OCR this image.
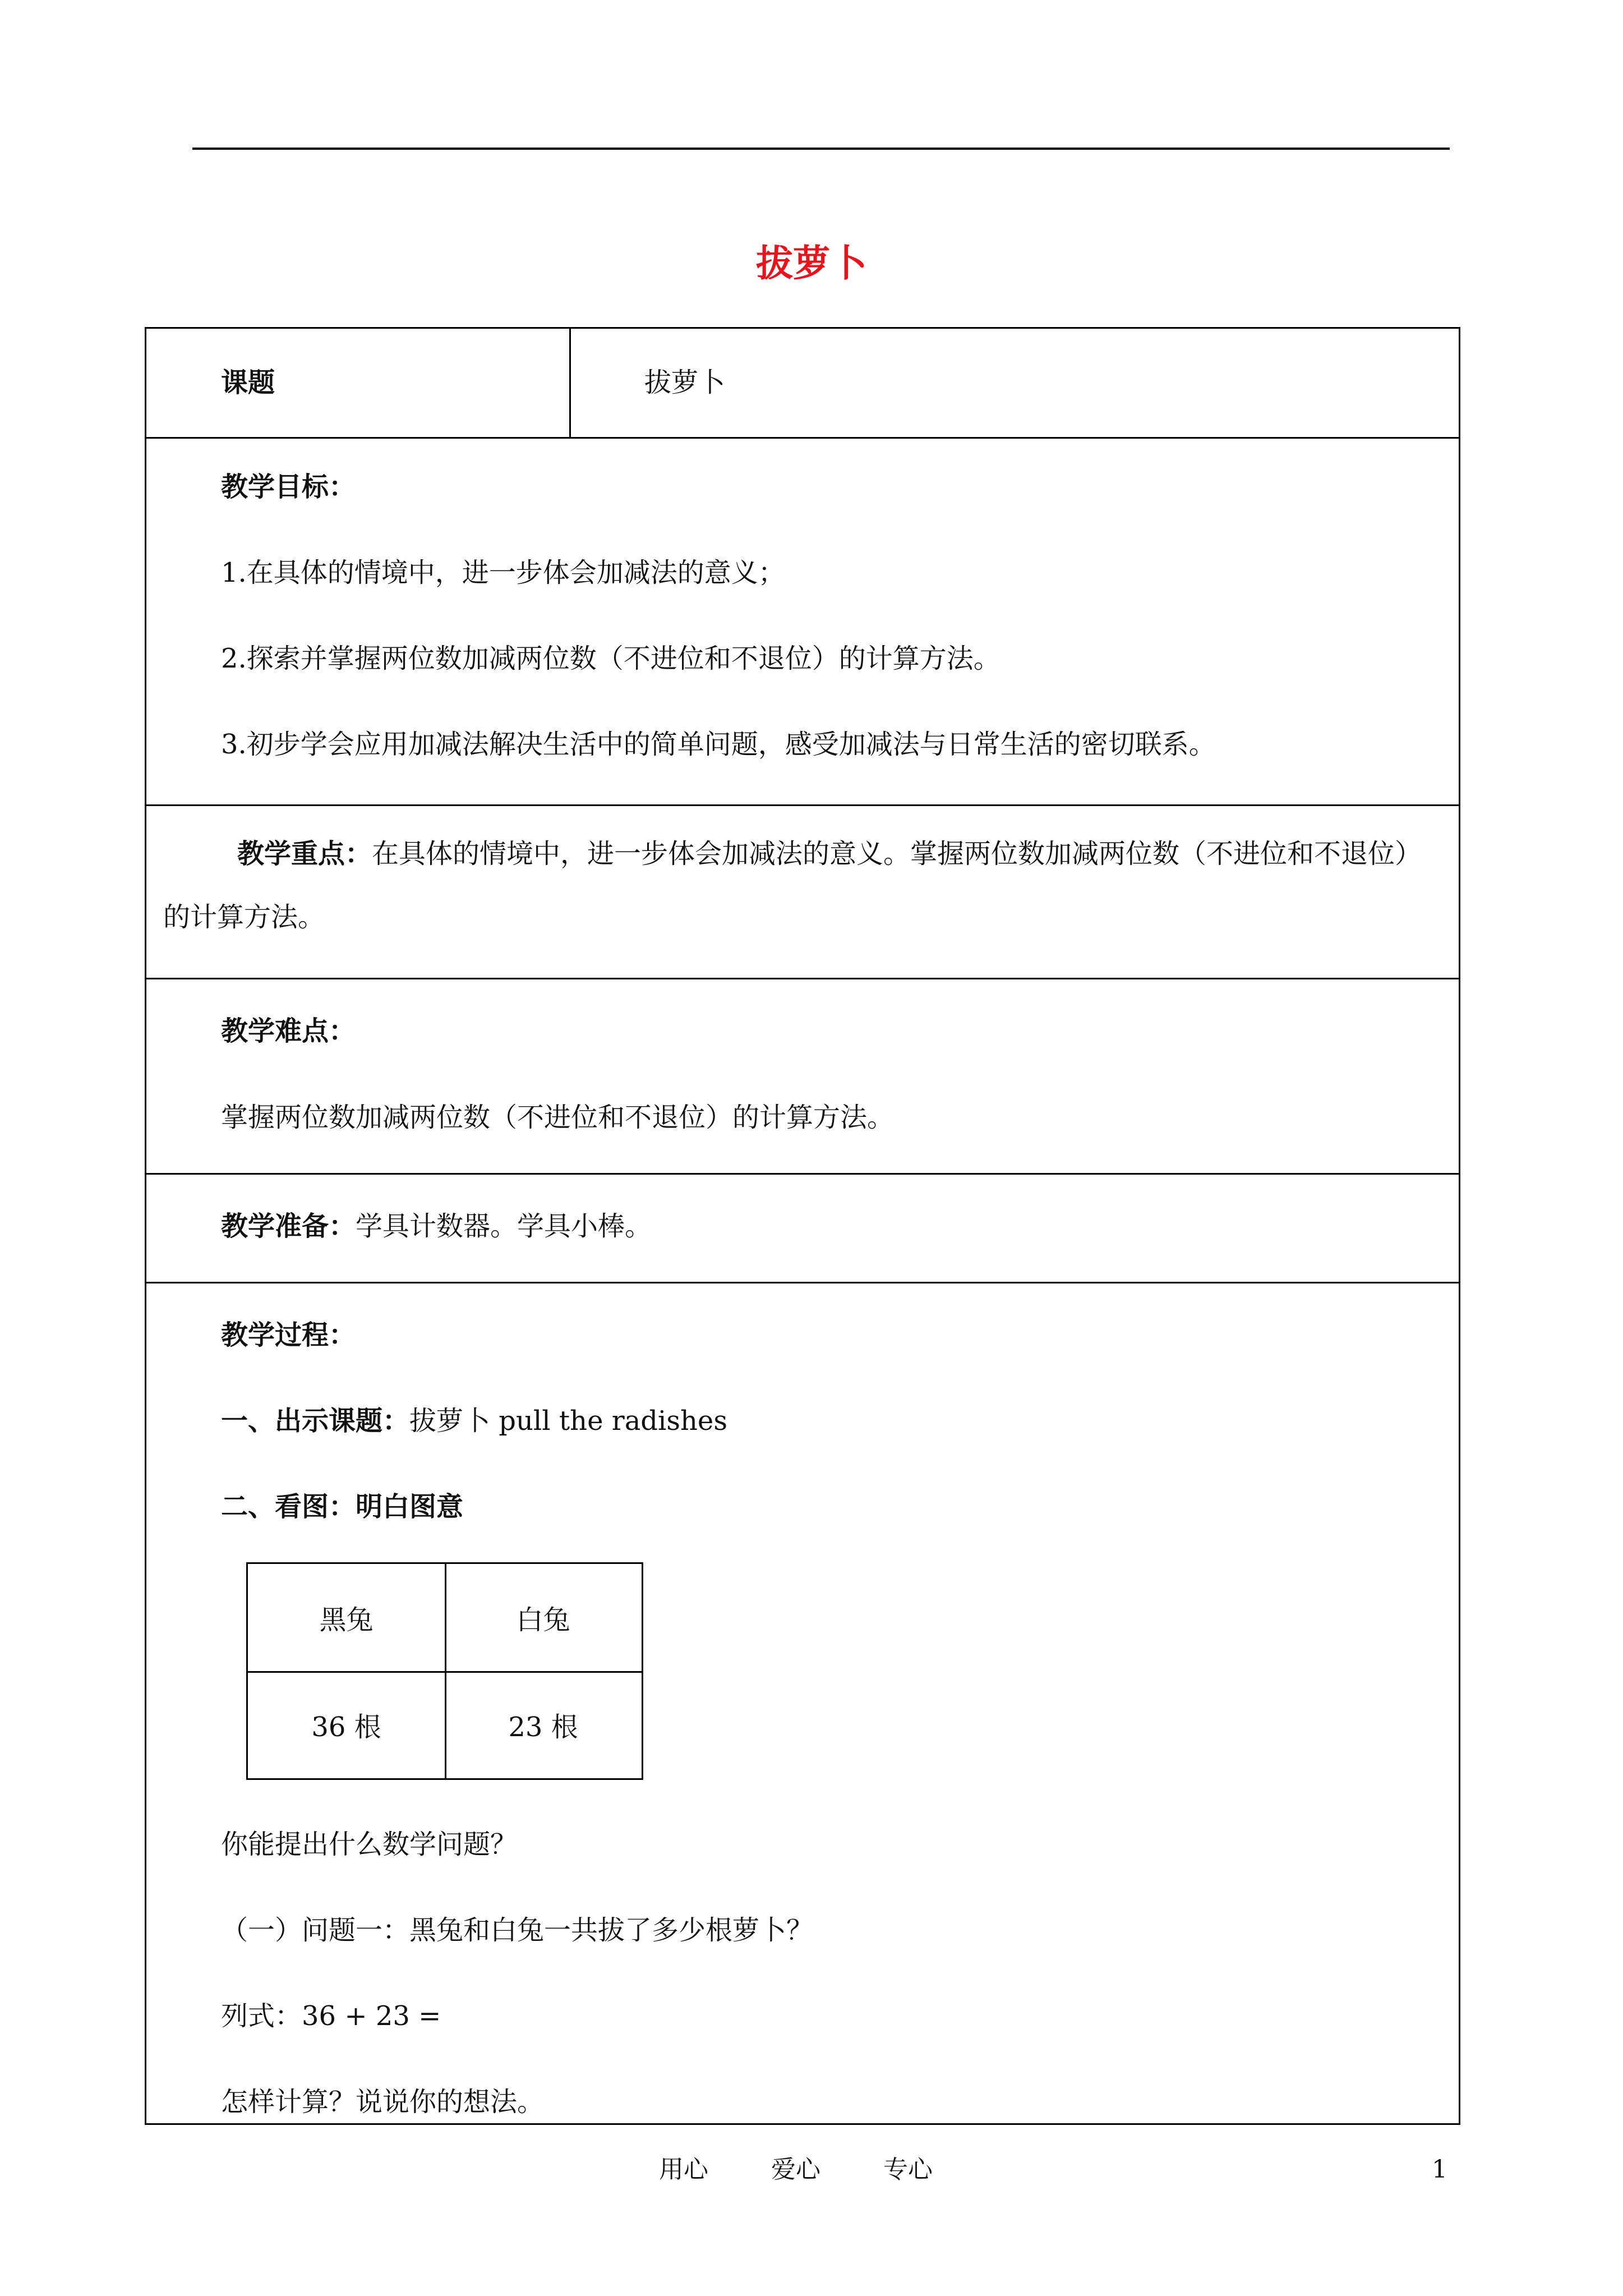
拔萝卜
课题	拔萝卜
教学目标：
1.在具体的情境中，进一步体会加减法的意义；
2.探索并掌握两位数加减两位数（不进位和不退位）的计算方法。
3.初步学会应用加减法解决生活中的简单问题，感受加减法与日常生活的密切联系。
教学重点：在具体的情境中，进一步体会加减法的意义。掌握两位数加减两位数（不进位和不退位）的计算方法。
教学难点：
掌握两位数加减两位数（不进位和不退位）的计算方法。
教学准备：学具计数器。学具小棒。
教学过程：
一、出示课题：拔萝卜 pull the radishes
二、看图：明白图意
黑兔	白兔
36 根	23 根
你能提出什么数学问题？
（一）问题一：黑兔和白兔一共拔了多少根萝卜？
列式：36 + 23 =
怎样计算？说说你的想法。
用心	爱心	专心	1
